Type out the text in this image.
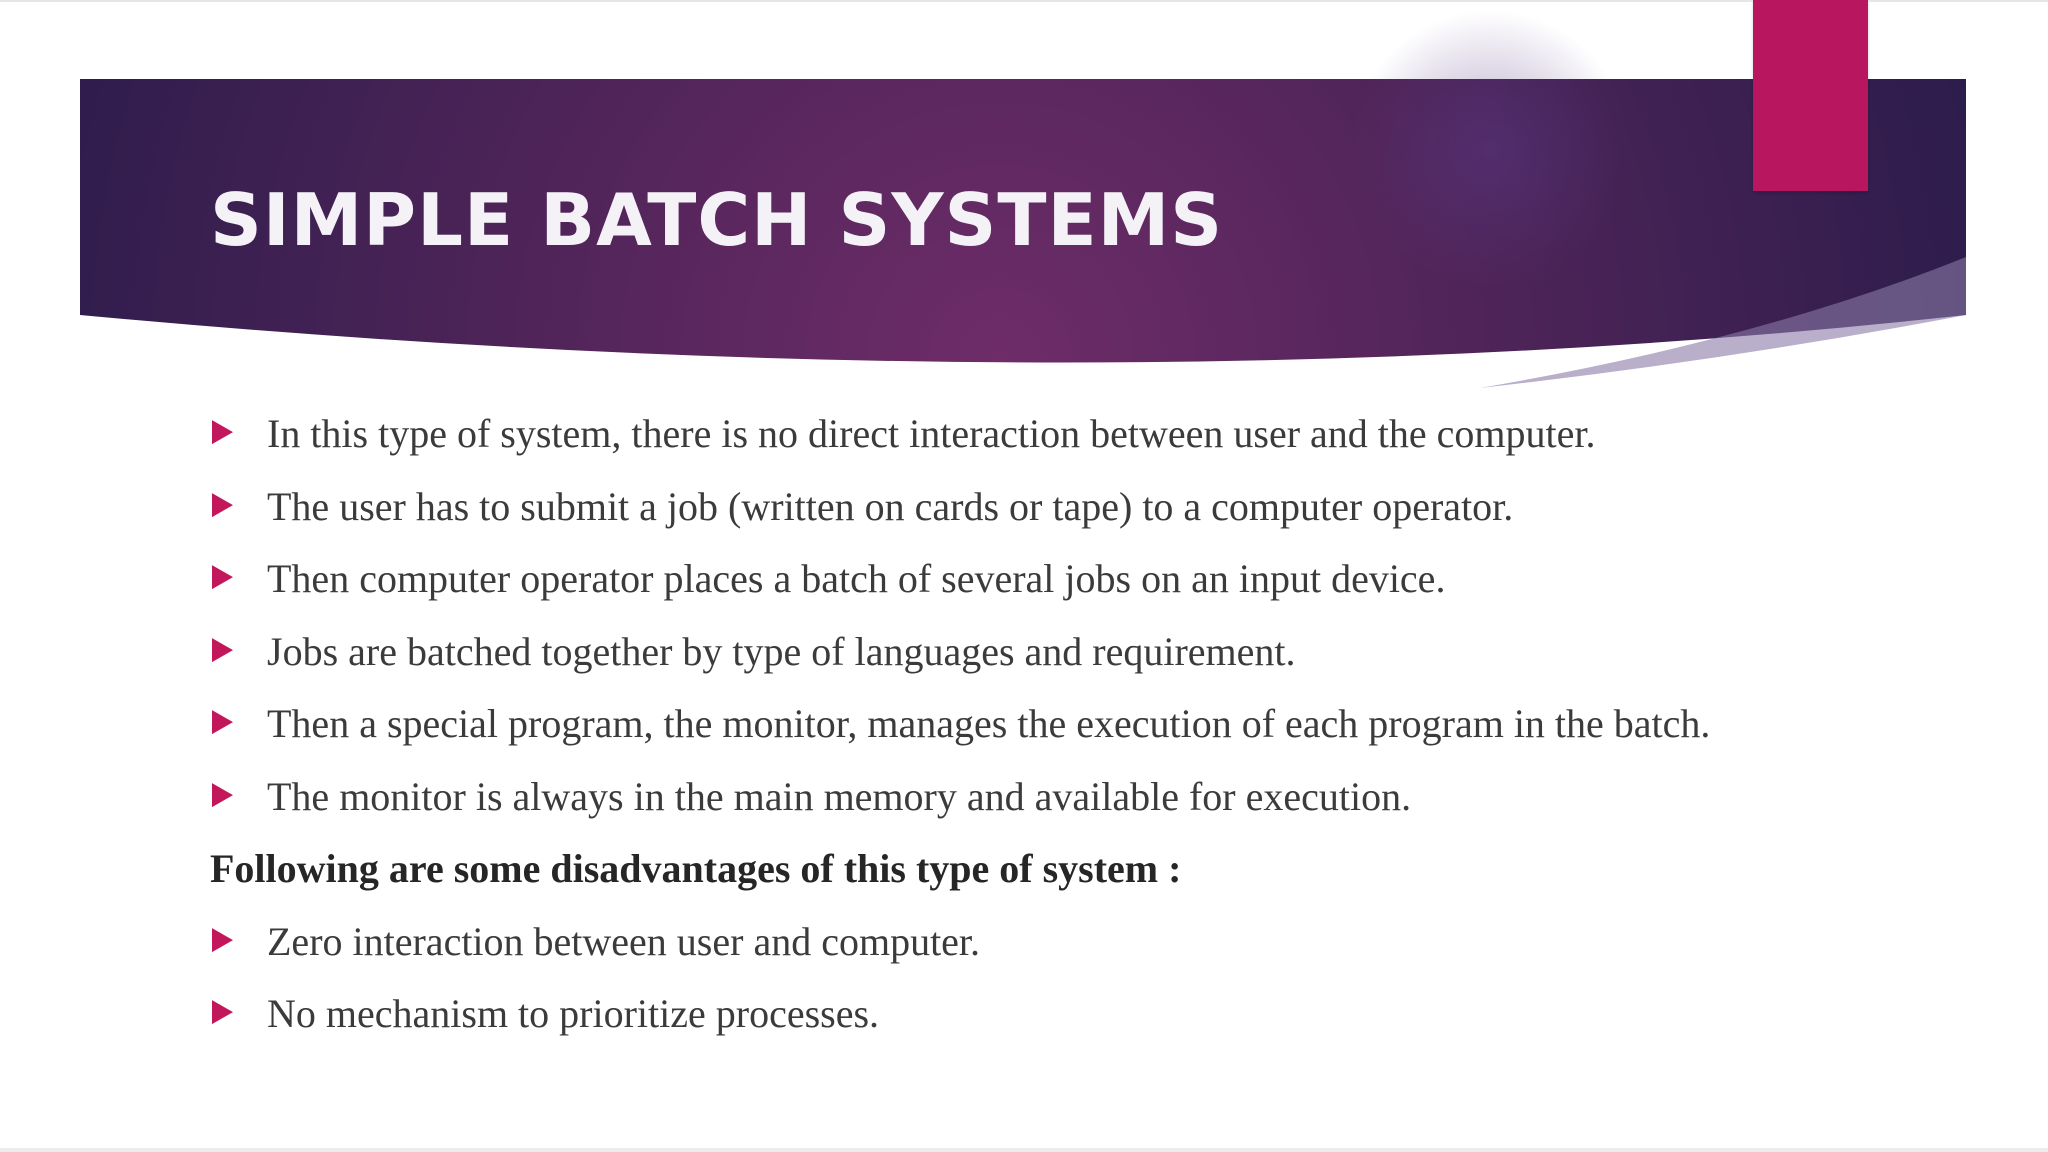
SIMPLE BATCH SYSTEMS
In this type of system, there is no direct interaction between user and the computer.
The user has to submit a job (written on cards or tape) to a computer operator.
Then computer operator places a batch of several jobs on an input device.
Jobs are batched together by type of languages and requirement.
Then a special program, the monitor, manages the execution of each program in the batch.
The monitor is always in the main memory and available for execution.
Following are some disadvantages of this type of system :
Zero interaction between user and computer.
No mechanism to prioritize processes.
